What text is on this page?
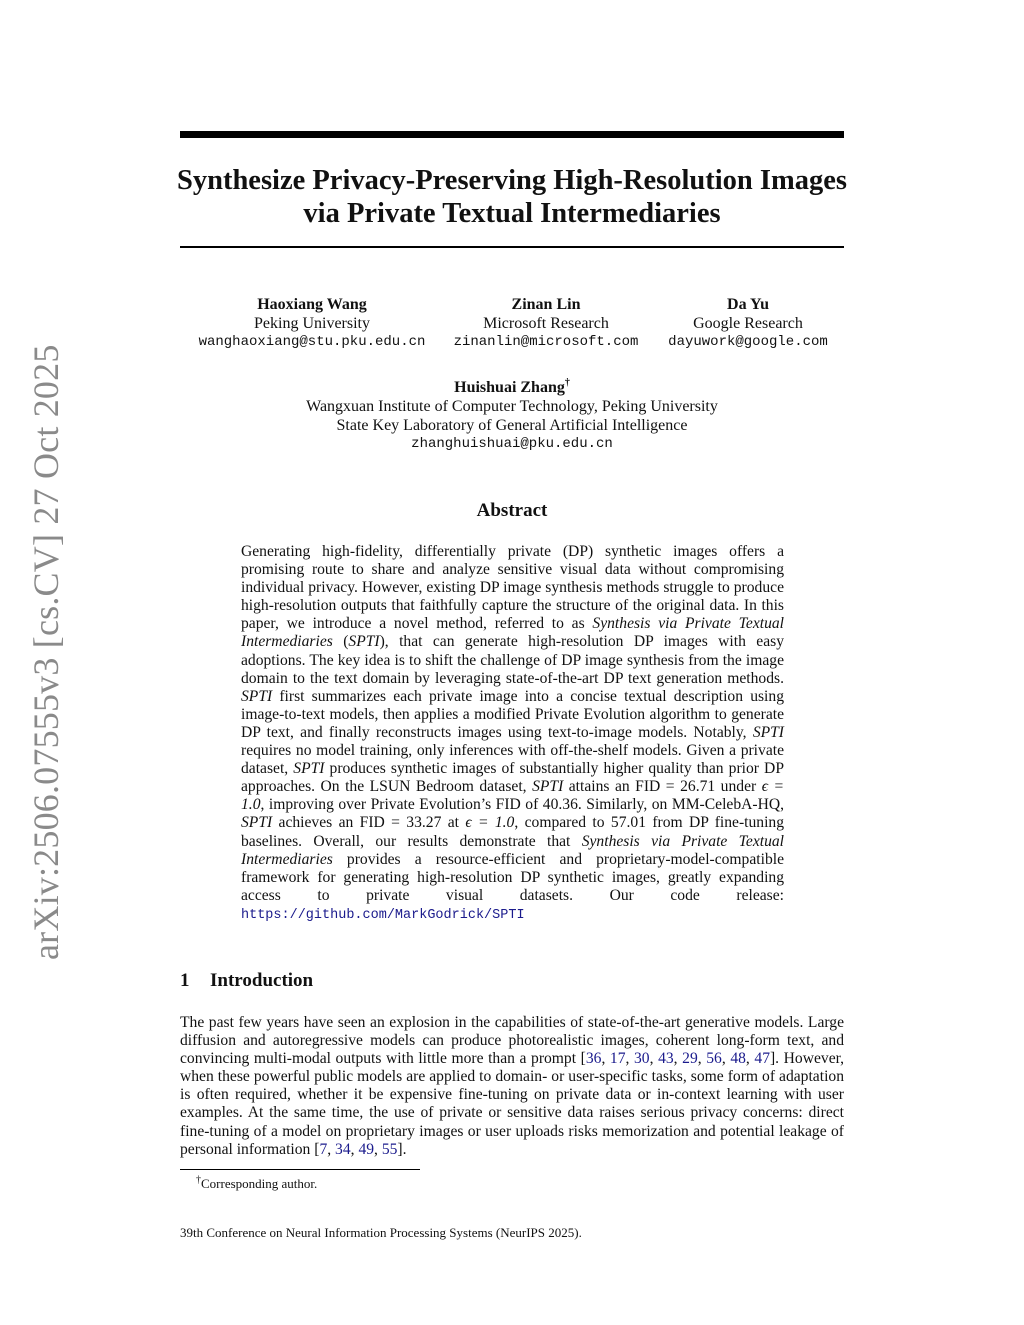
arXiv:2506.07555v3 [cs.CV] 27 Oct 2025
Synthesize Privacy-Preserving High-Resolution Images
via Private Textual Intermediaries
Haoxiang Wang
Peking University
wanghaoxiang@stu.pku.edu.cn
Zinan Lin
Microsoft Research
zinanlin@microsoft.com
Da Yu
Google Research
dayuwork@google.com
Huishuai Zhang†
Wangxuan Institute of Computer Technology, Peking University
State Key Laboratory of General Artificial Intelligence
zhanghuishuai@pku.edu.cn
Abstract

Generating high-fidelity, differentially private (DP) synthetic images offers a promising route to share and analyze sensitive visual data without compromising individual privacy. However, existing DP image synthesis methods struggle to produce high-resolution outputs that faithfully capture the structure of the original data. In this paper, we introduce a novel method, referred to as Synthesis via Private Textual Intermediaries (SPTI), that can generate high-resolution DP images with easy adoptions. The key idea is to shift the challenge of DP image synthesis from the image domain to the text domain by leveraging state-of-the-art DP text generation methods. SPTI first summarizes each private image into a concise textual description using image-to-text models, then applies a modified Private Evolution algorithm to generate DP text, and finally reconstructs images using text-to-image models. Notably, SPTI requires no model training, only inferences with off-the-shelf models. Given a private dataset, SPTI produces synthetic images of substantially higher quality than prior DP approaches. On the LSUN Bedroom dataset, SPTI attains an FID = 26.71 under ϵ = 1.0, improving over Private Evolution’s FID of 40.36. Similarly, on MM-CelebA-HQ, SPTI achieves an FID = 33.27 at ϵ = 1.0, compared to 57.01 from DP fine-tuning baselines. Overall, our results demonstrate that Synthesis via Private Textual Intermediaries provides a resource-efficient and proprietary-model-compatible framework for generating high-resolution DP synthetic images, greatly expanding access to private visual datasets. Our code release: https://github.com/MarkGodrick/SPTI

1 Introduction

The past few years have seen an explosion in the capabilities of state-of-the-art generative models. Large diffusion and autoregressive models can produce photorealistic images, coherent long-form text, and convincing multi-modal outputs with little more than a prompt [36, 17, 30, 43, 29, 56, 48, 47]. However, when these powerful public models are applied to domain- or user-specific tasks, some form of adaptation is often required, whether it be expensive fine-tuning on private data or in-context learning with user examples. At the same time, the use of private or sensitive data raises serious privacy concerns: direct fine-tuning of a model on proprietary images or user uploads risks memorization and potential leakage of personal information [7, 34, 49, 55].

†Corresponding author.

39th Conference on Neural Information Processing Systems (NeurIPS 2025).
